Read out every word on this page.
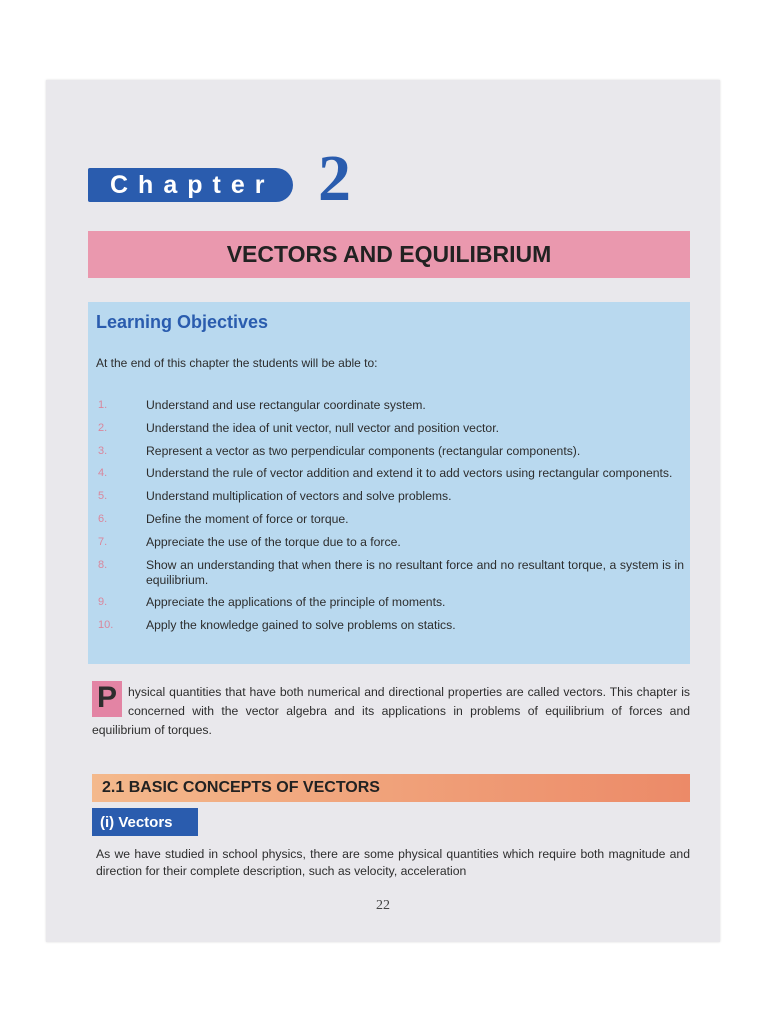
Chapter 2
VECTORS AND EQUILIBRIUM
Learning Objectives
At the end of this chapter the students will be able to:
1.	Understand and use rectangular coordinate system.
2.	Understand the idea of unit vector, null vector and position vector.
3.	Represent a vector as two perpendicular components (rectangular components).
4.	Understand the rule of vector addition and extend it to add vectors using rectangular components.
5.	Understand multiplication of vectors and solve problems.
6.	Define the moment of force or torque.
7.	Appreciate the use of the torque due to a force.
8.	Show an understanding that when there is no resultant force and no resultant torque, a system is in equilibrium.
9.	Appreciate the applications of the principle of moments.
10.	Apply the knowledge gained to solve problems on statics.
P hysical quantities that have both numerical and directional properties are called vectors. This chapter is concerned with the vector algebra and its applications in problems of equilibrium of forces and equilibrium of torques.
2.1 BASIC CONCEPTS OF VECTORS
(i) Vectors
As we have studied in school physics, there are some physical quantities which require both magnitude and direction for their complete description, such as velocity, acceleration
22
